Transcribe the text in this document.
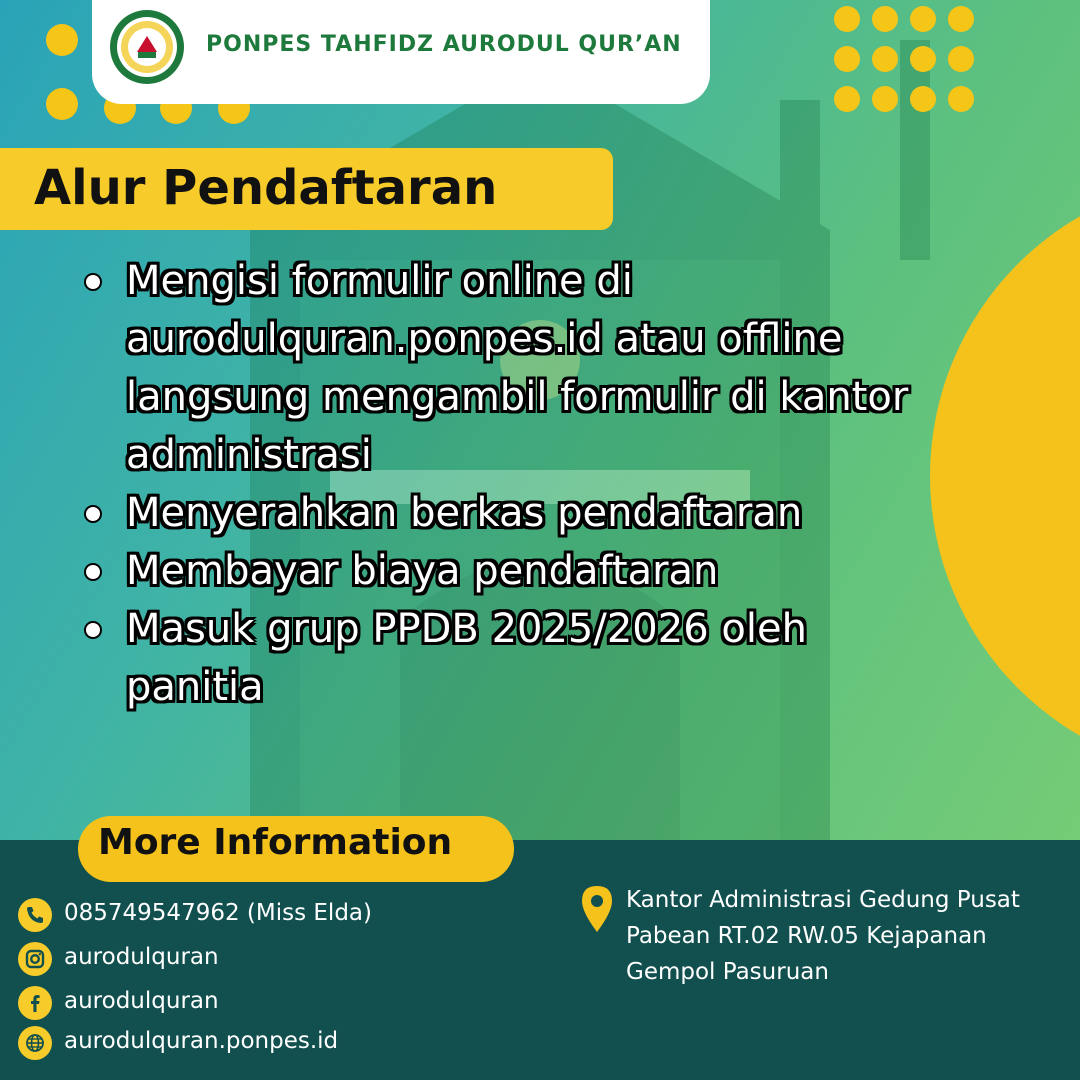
PONPES TAHFIDZ AURODUL QUR’AN
Alur Pendaftaran
Mengisi formulir online di aurodulquran.ponpes.id atau offline langsung mengambil formulir di kantor administrasi
Menyerahkan berkas pendaftaran
Membayar biaya pendaftaran
Masuk grup PPDB 2025/2026 oleh panitia
More Information
085749547962 (Miss Elda)
aurodulquran
aurodulquran
aurodulquran.ponpes.id
Kantor Administrasi Gedung Pusat
Pabean RT.02 RW.05 Kejapanan
Gempol Pasuruan
